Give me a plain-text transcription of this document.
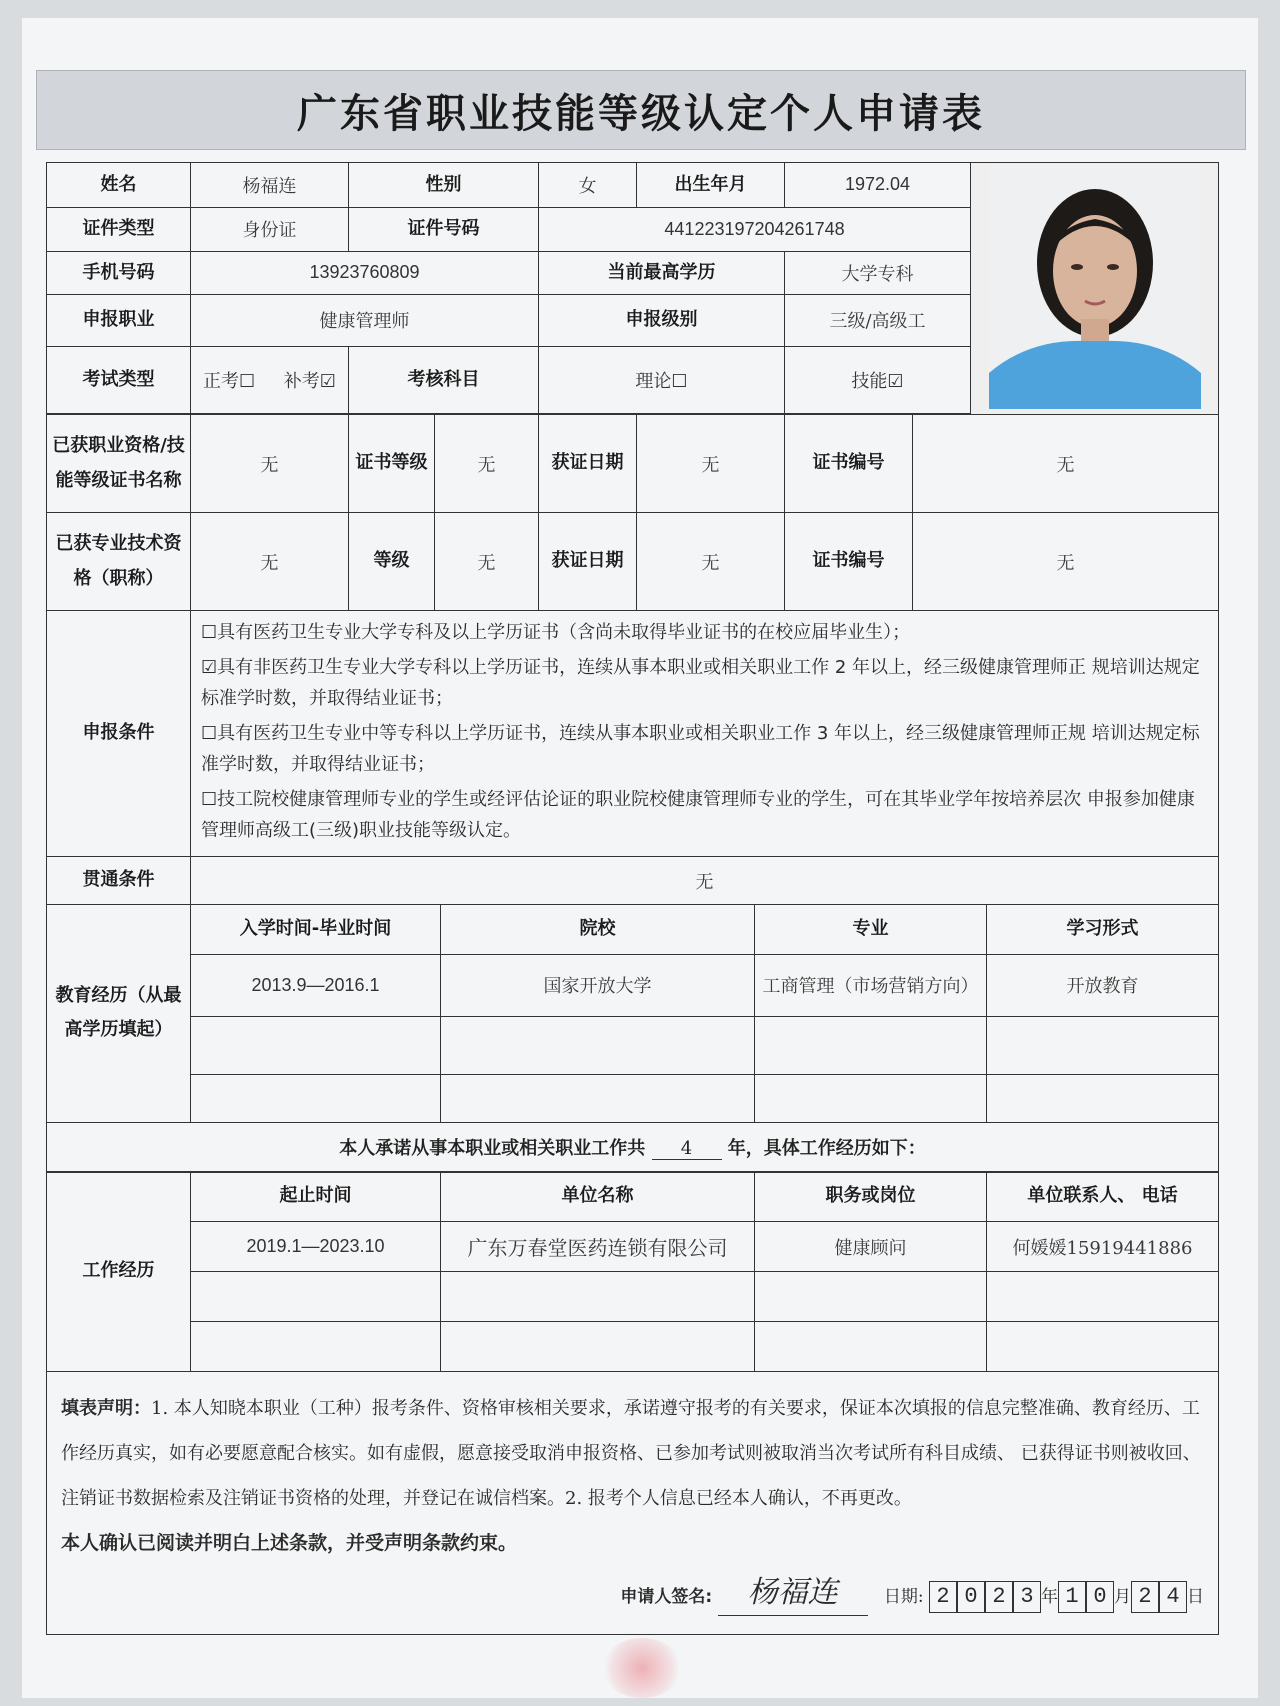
广东省职业技能等级认定个人申请表
姓名	杨福连	性别		女	出生年月	1972.04	
证件类型	身份证	证件号码		441223197204261748				
手机号码	13923760809			当前最高学历		大学专科		
申报职业	健康管理师			申报级别		三级/高级工		
考试类型	正考☐ 补考☑	考核科目		理论☐		技能☑		

已获职业资格/技能等级证书名称	无	证书等级	无	获证日期	无	证书编号	无	
已获专业技术资格（职称）	无	等级	无	获证日期	无	证书编号	无	
申报条件	☐具有医药卫生专业大学专科及以上学历证书（含尚未取得毕业证书的在校应届毕业生）；

☑具有非医药卫生专业大学专科以上学历证书，连续从事本职业或相关职业工作 2 年以上，经三级健康管理师正 规培训达规定标准学时数，并取得结业证书；

☐具有医药卫生专业中等专科以上学历证书，连续从事本职业或相关职业工作 3 年以上，经三级健康管理师正规 培训达规定标准学时数，并取得结业证书；

☐技工院校健康管理师专业的学生或经评估论证的职业院校健康管理师专业的学生，可在其毕业学年按培养层次 申报参加健康管理师高级工(三级)职业技能等级认定。							

贯通条件	无							
教育经历（从最高学历填起）	入学时间-毕业时间	院校	专业	学习形式
	2013.9—2016.1	国家开放大学	工商管理（市场营销方向）	开放教育

本人承诺从事本职业或相关职业工作共 4 年，具体工作经历如下：				
工作经历	起止时间	单位名称	职务或岗位	单位联系人、 电话
	2019.1—2023.10	广东万春堂医药连锁有限公司	健康顾问	何媛媛15919441886

填表声明：1. 本人知晓本职业（工种）报考条件、资格审核相关要求，承诺遵守报考的有关要求，保证本次填报的信息完整准确、教育经历、工作经历真实，如有必要愿意配合核实。如有虚假，愿意接受取消申报资格、已参加考试则被取消当次考试所有科目成绩、 已获得证书则被收回、注销证书数据检索及注销证书资格的处理，并登记在诚信档案。2. 报考个人信息已经本人确认，不再更改。
本人确认已阅读并明白上述条款，并受声明条款约束。
申请人签名: 杨福连 日期: 2 0 2 3 年 1 0 月 2 4 日				
